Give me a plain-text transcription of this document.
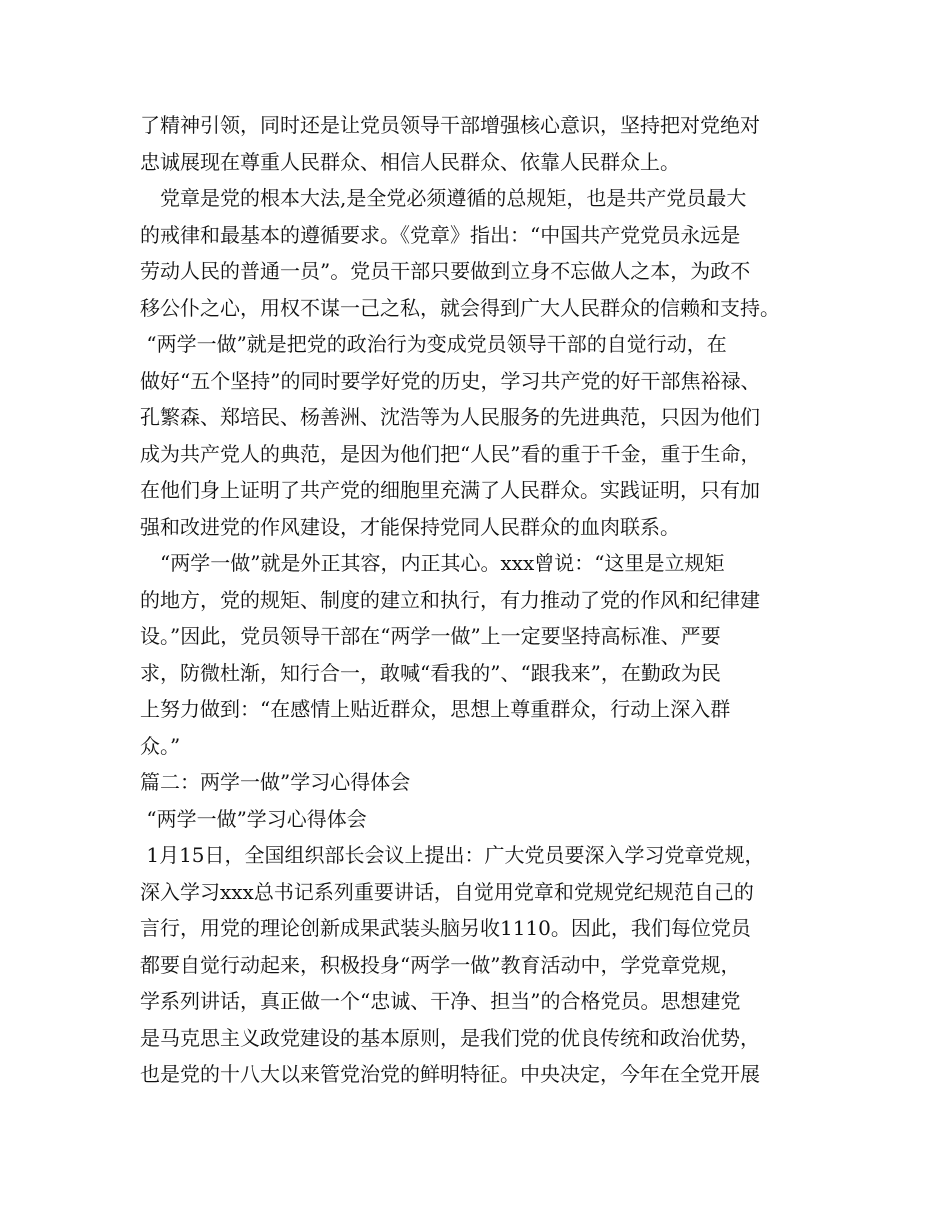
了精神引领，同时还是让党员领导干部增强核心意识，坚持把对党绝对
忠诚展现在尊重人民群众、相信人民群众、依靠人民群众上。
　党章是党的根本大法,是全党必须遵循的总规矩，也是共产党员最大
的戒律和最基本的遵循要求。《党章》指出：“中国共产党党员永远是
劳动人民的普通一员”。党员干部只要做到立身不忘做人之本，为政不
移公仆之心，用权不谋一己之私，就会得到广大人民群众的信赖和支持。
“两学一做”就是把党的政治行为变成党员领导干部的自觉行动，在
做好“五个坚持”的同时要学好党的历史，学习共产党的好干部焦裕禄、
孔繁森、郑培民、杨善洲、沈浩等为人民服务的先进典范，只因为他们
成为共产党人的典范，是因为他们把“人民”看的重于千金，重于生命，
在他们身上证明了共产党的细胞里充满了人民群众。实践证明，只有加
强和改进党的作风建设，才能保持党同人民群众的血肉联系。
　“两学一做”就是外正其容，内正其心。xxx曾说：“这里是立规矩
的地方，党的规矩、制度的建立和执行，有力推动了党的作风和纪律建
设。”因此，党员领导干部在“两学一做”上一定要坚持高标准、严要
求，防微杜渐，知行合一，敢喊“看我的”、“跟我来”，在勤政为民
上努力做到：“在感情上贴近群众，思想上尊重群众，行动上深入群
众。”
篇二：两学一做”学习心得体会
“两学一做”学习心得体会
1月15日，全国组织部长会议上提出：广大党员要深入学习党章党规，
深入学习xxx总书记系列重要讲话，自觉用党章和党规党纪规范自己的
言行，用党的理论创新成果武装头脑另收1110。因此，我们每位党员
都要自觉行动起来，积极投身“两学一做”教育活动中，学党章党规，
学系列讲话，真正做一个“忠诚、干净、担当”的合格党员。思想建党
是马克思主义政党建设的基本原则，是我们党的优良传统和政治优势，
也是党的十八大以来管党治党的鲜明特征。中央决定，今年在全党开展
